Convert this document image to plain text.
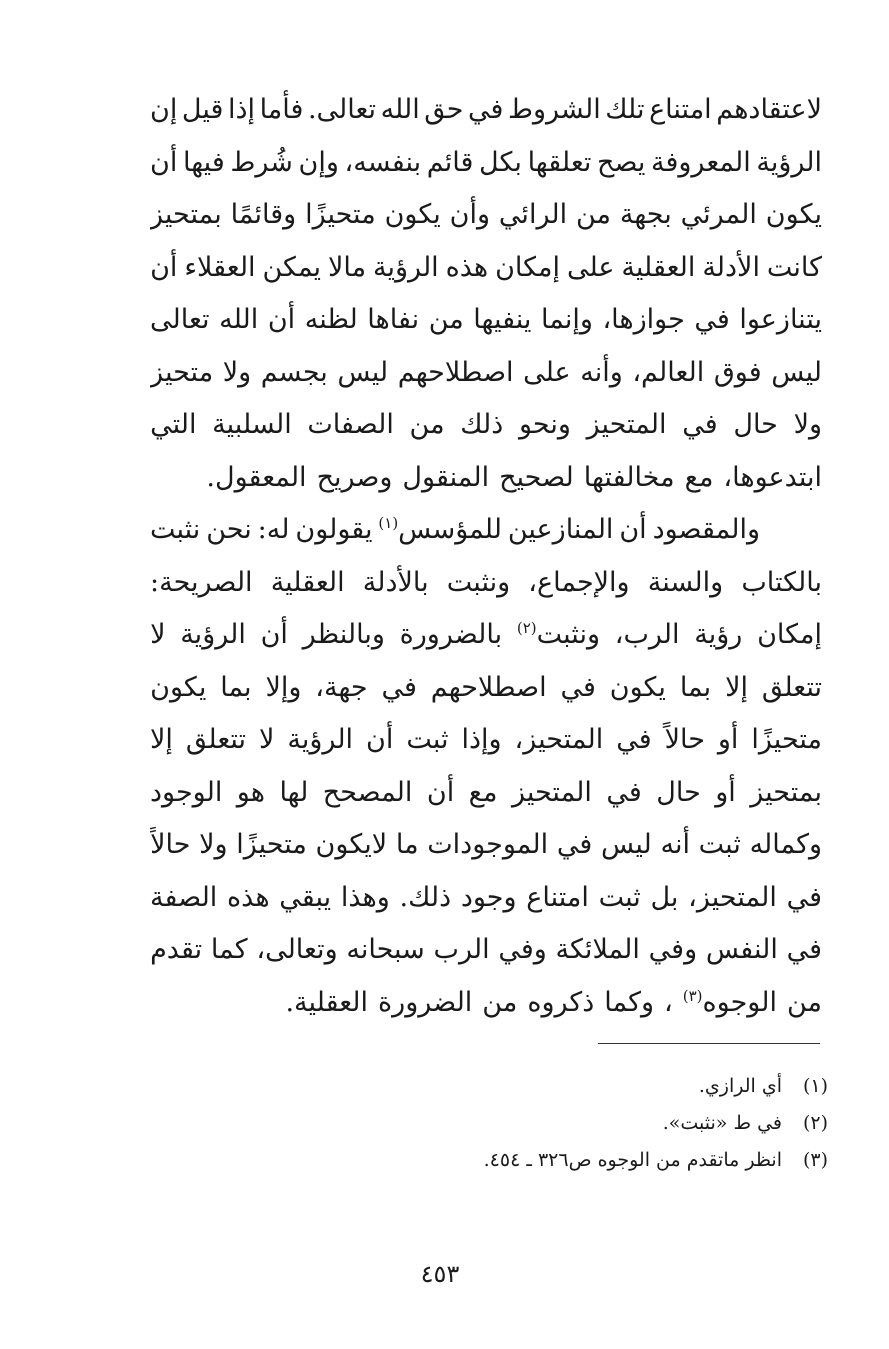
لاعتقادهم
امتناع
تلك
الشروط
في
حق
الله
تعالى.
فأما
إذا
قيل
إن
الرؤية
المعروفة
يصح
تعلقها
بكل
قائم
بنفسه،
وإن
شُرط
فيها
أن
يكون
المرئي
بجهة
من
الرائي
وأن
يكون
متحيزًا
وقائمًا
بمتحيز
كانت
الأدلة
العقلية
على
إمكان
هذه
الرؤية
مالا
يمكن
العقلاء
أن
يتنازعوا
في
جوازها،
وإنما
ينفيها
من
نفاها
لظنه
أن
الله
تعالى
ليس
فوق
العالم،
وأنه
على
اصطلاحهم
ليس
بجسم
ولا
متحيز
ولا
حال
في
المتحيز
ونحو
ذلك
من
الصفات
السلبية
التي
ابتدعوها،
مع
مخالفتها
لصحيح
المنقول
وصريح
المعقول.
والمقصود
أن
المنازعين
للمؤسس$^{(١)}$
يقولون
له:
نحن
نثبت
بالكتاب
والسنة
والإجماع،
ونثبت
بالأدلة
العقلية
الصريحة:
إمكان
رؤية
الرب،
ونثبت$^{(٢)}$
بالضرورة
وبالنظر
أن
الرؤية
لا
تتعلق
إلا
بما
يكون
في
اصطلاحهم
في
جهة،
وإلا
بما
يكون
متحيزًا
أو
حالاً
في
المتحيز،
وإذا
ثبت
أن
الرؤية
لا
تتعلق
إلا
بمتحيز
أو
حال
في
المتحيز
مع
أن
المصحح
لها
هو
الوجود
وكماله
ثبت
أنه
ليس
في
الموجودات
ما
لايكون
متحيزًا
ولا
حالاً
في
المتحيز،
بل
ثبت
امتناع
وجود
ذلك.
وهذا
يبقي
هذه
الصفة
في
النفس
وفي
الملائكة
وفي
الرب
سبحانه
وتعالى،
كما
تقدم
من
الوجوه$^{(٣)}$
،
وكما
ذكروه
من
الضرورة
العقلية.
(١)أي الرازي.
(٢)في ط «نثبت».
(٣)انظر ماتقدم من الوجوه ص٣٢٦ ـ ٤٥٤.
٤٥٣
